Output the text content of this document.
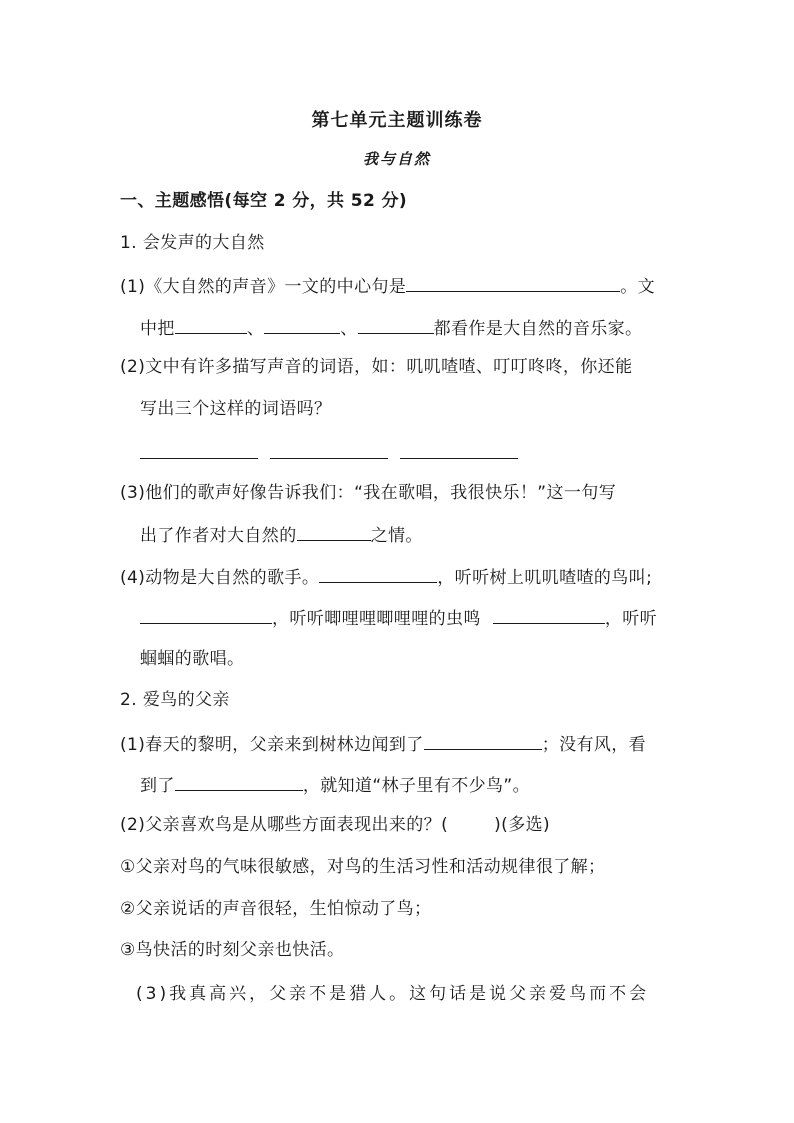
第七单元主题训练卷
我与自然
一、主题感悟(每空 2 分，共 52 分)
1. 会发声的大自然
(1)《大自然的声音》一文的中心句是	。文
中把	、	、	都看作是大自然的音乐家。
(2)文中有许多描写声音的词语，如：叽叽喳喳、叮叮咚咚，你还能
写出三个这样的词语吗？
(3)他们的歌声好像告诉我们：“我在歌唱，我很快乐！”这一句写
出了作者对大自然的	之情。
(4)动物是大自然的歌手。	，听听树上叽叽喳喳的鸟叫;
，听听唧哩哩唧哩哩的虫鸣	，听听
蝈蝈的歌唱。
2. 爱鸟的父亲
(1)春天的黎明，父亲来到树林边闻到了	；没有风，看
到了	，就知道“林子里有不少鸟”。
(2)父亲喜欢鸟是从哪些方面表现出来的？(	)(多选)
①父亲对鸟的气味很敏感，对鸟的生活习性和活动规律很了解；
②父亲说话的声音很轻，生怕惊动了鸟；
③鸟快活的时刻父亲也快活。
(3)我真高兴，父亲不是猎人。这句话是说父亲爱鸟而不会
